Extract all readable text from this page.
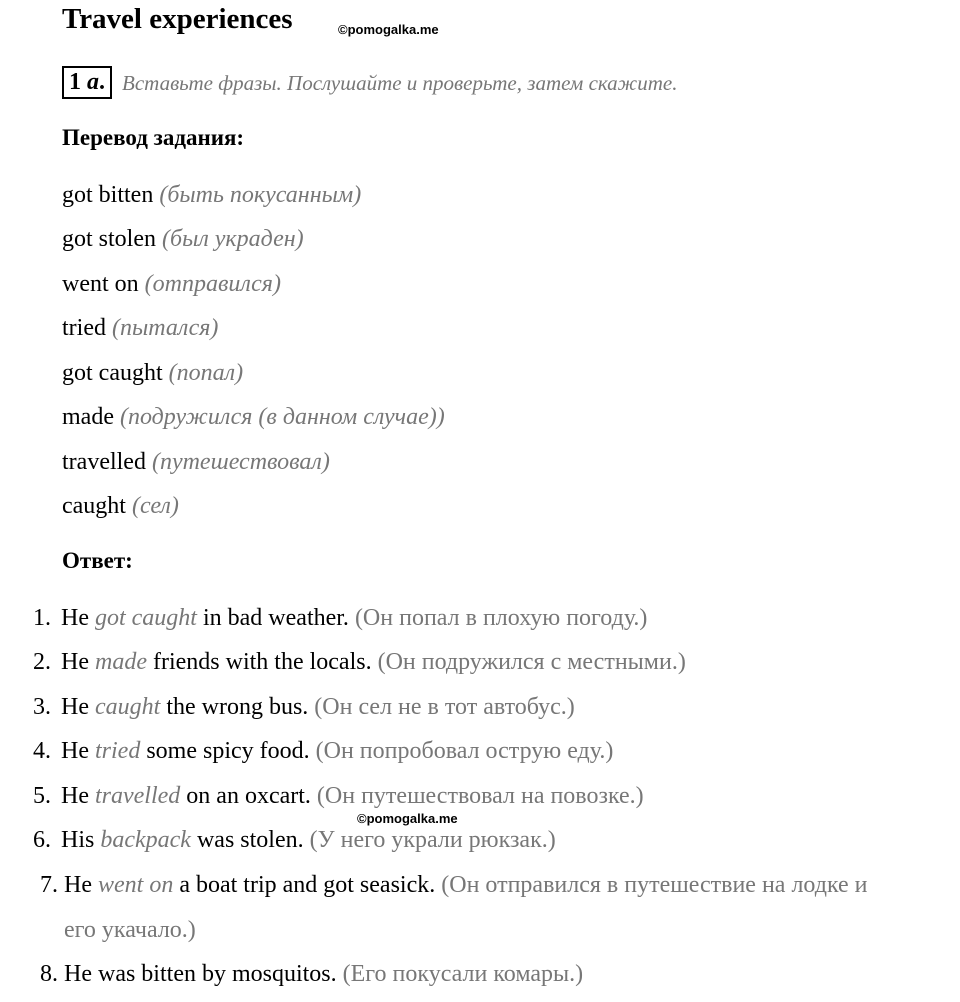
Travel experiences	©pomogalka.me
1 a. Вставьте фразы. Послушайте и проверьте, затем скажите.
Перевод задания:
got bitten (быть покусанным)
got stolen (был украден)
went on (отправился)
tried (пытался)
got caught (попал)
made (подружился (в данном случае))
travelled (путешествовал)
caught (сел)
Ответ:
1. He got caught in bad weather. (Он попал в плохую погоду.)
2. He made friends with the locals. (Он подружился с местными.)
3. He caught the wrong bus. (Он сел не в тот автобус.)
4. He tried some spicy food. (Он попробовал острую еду.)
5. He travelled on an oxcart. (Он путешествовал на повозке.)
©pomogalka.me
6. His backpack was stolen. (У него украли рюкзак.)
7. He went on a boat trip and got seasick. (Он отправился в путешествие на лодке и
его укачало.)
8. He was bitten by mosquitos. (Его покусали комары.)
